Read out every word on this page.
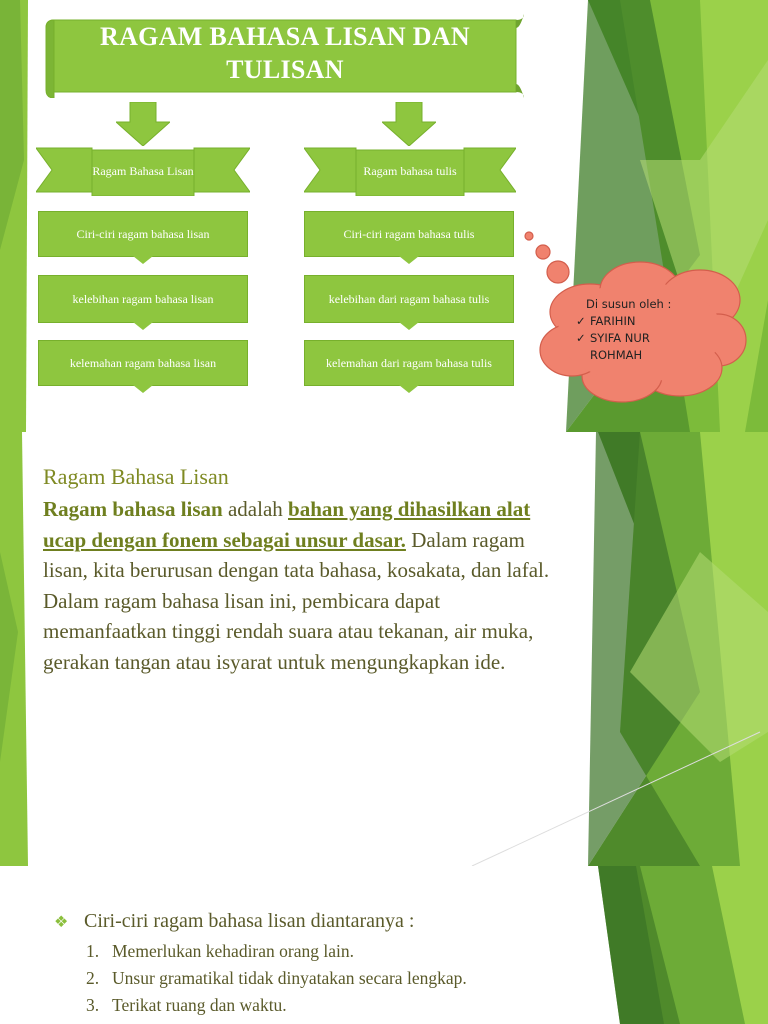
RAGAM BAHASA LISAN DAN TULISAN
Ragam Bahasa Lisan	Ragam bahasa tulis
Ciri-ciri ragam bahasa lisan
kelebihan ragam bahasa lisan
kelemahan ragam bahasa lisan
Ciri-ciri ragam bahasa tulis
kelebihan dari ragam bahasa tulis
kelemahan dari ragam bahasa tulis
Di susun oleh :
✓ FARIHIN
✓ SYIFA NUR ROHMAH
Ragam Bahasa Lisan
Ragam bahasa lisan adalah bahan yang dihasilkan alat ucap dengan fonem sebagai unsur dasar. Dalam ragam lisan, kita berurusan dengan tata bahasa, kosakata, dan lafal. Dalam ragam bahasa lisan ini, pembicara dapat memanfaatkan tinggi rendah suara atau tekanan, air muka, gerakan tangan atau isyarat untuk mengungkapkan ide.
❖ Ciri-ciri ragam bahasa lisan diantaranya :
1. Memerlukan kehadiran orang lain.
2. Unsur gramatikal tidak dinyatakan secara lengkap.
3. Terikat ruang dan waktu.
